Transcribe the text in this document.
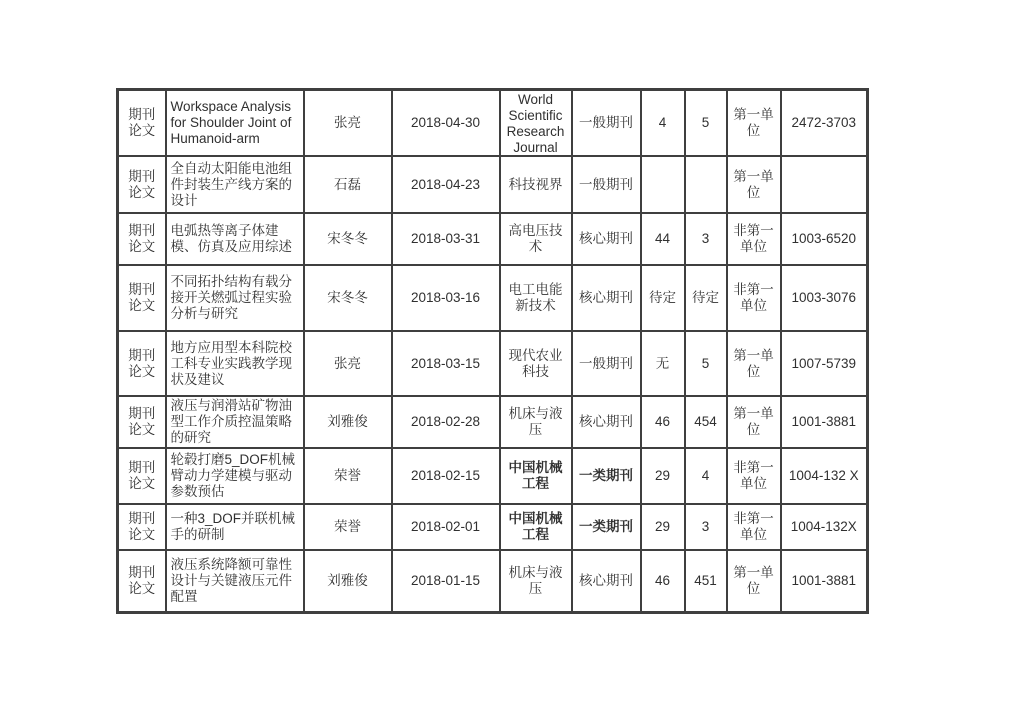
期刊论文	Workspace Analysis for Shoulder Joint of Humanoid-arm	张亮	2018-04-30	World Scientific Research Journal	一般期刊	4	5	第一单位	2472-3703

期刊论文	全自动太阳能电池组件封装生产线方案的设计	石磊	2018-04-23	科技视界	一般期刊			第一单位	

期刊论文	电弧热等离子体建模、仿真及应用综述	宋冬冬	2018-03-31	高电压技术	核心期刊	44	3	非第一单位	1003-6520

期刊论文	不同拓扑结构有载分接开关燃弧过程实验分析与研究	宋冬冬	2018-03-16	电工电能新技术	核心期刊	待定	待定	非第一单位	1003-3076

期刊论文	地方应用型本科院校工科专业实践教学现状及建议	张亮	2018-03-15	现代农业科技	一般期刊	无	5	第一单位	1007-5739

期刊论文	液压与润滑站矿物油型工作介质控温策略的研究	刘雅俊	2018-02-28	机床与液压	核心期刊	46	454	第一单位	1001-3881

期刊论文	轮毂打磨5_DOF机械臂动力学建模与驱动参数预估	荣誉	2018-02-15	中国机械工程	一类期刊	29	4	非第一单位	1004-132 X

期刊论文	一种3_DOF并联机械手的研制	荣誉	2018-02-01	中国机械工程	一类期刊	29	3	非第一单位	1004-132X

期刊论文	液压系统降额可靠性设计与关键液压元件配置	刘雅俊	2018-01-15	机床与液压	核心期刊	46	451	第一单位	1001-3881
